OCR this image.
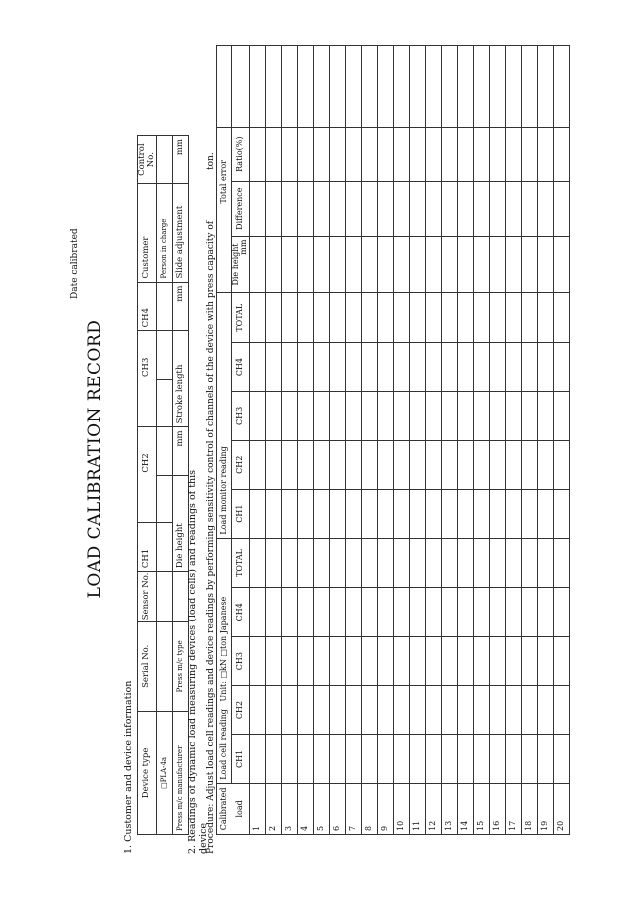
LOAD CALIBRATION RECORD
Date calibrated
1. Customer and device information Device type	Serial No.	Sensor No.	CH1		CH2		CH3	CH4	Customer	Control No.
□PLA-4a									Person in charge	
Press m/c manufacturer	Press m/c type		Die height		mm	Stroke length		mm	Slide adjustment	mm
2. Readings of dynamic load measuring devices (load cells) and readings of this
device
Procedure: Adjust load cell readings and device readings by performing sensitivity control of channels of the device with press capacity of
ton.
Calibrated	Load cell reading   Unit: □kN □ton Japanese					Load monitor reading						Total error		
load	CH1	CH2	CH3	CH4	TOTAL	CH1	CH2	CH3	CH4	TOTAL	Die height mm	Difference	Ratio(%)	
1														
2														
3														
4														
5														
6														
7														
8														
9														
10														
11														
12														
13														
14														
15														
16														
17														
18														
19														
20														
